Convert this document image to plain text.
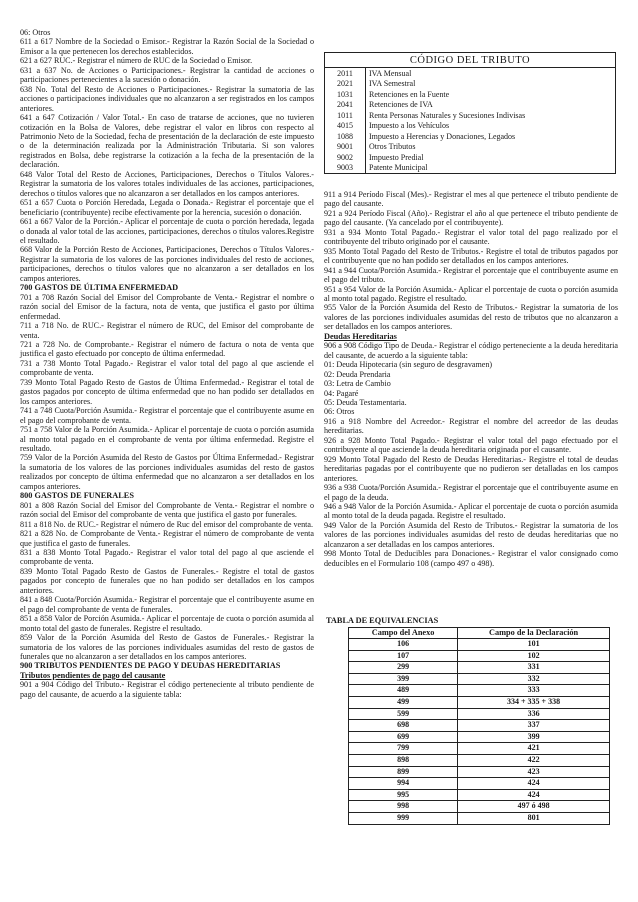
06: Otros

611 a 617 Nombre de la Sociedad o Emisor.- Registrar la Razón Social de la Sociedad o Emisor a la que pertenecen los derechos establecidos.

621 a 627 RUC.- Registrar el número de RUC de la Sociedad o Emisor.

631 a 637 No. de Acciones o Participaciones.- Registrar la cantidad de acciones o participaciones pertenecientes a la sucesión o donación.

638 No. Total del Resto de Acciones o Participaciones.- Registrar la sumatoria de las acciones o participaciones individuales que no alcanzaron a ser registrados en los campos anteriores.

641 a 647 Cotización / Valor Total.- En caso de tratarse de acciones, que no tuvieren cotización en la Bolsa de Valores, debe registrar el valor en libros con respecto al Patrimonio Neto de la Sociedad, fecha de presentación de la declaración de este impuesto o de la determinación realizada por la Administración Tributaria. Si son valores registrados en Bolsa, debe registrarse la cotización a la fecha de la presentación de la declaración.

648 Valor Total del Resto de Acciones, Participaciones, Derechos o Títulos Valores.- Registrar la sumatoria de los valores totales individuales de las acciones, participaciones, derechos o títulos valores que no alcanzaron a ser detallados en los campos anteriores.

651 a 657 Cuota o Porción Heredada, Legada o Donada.- Registrar el porcentaje que el beneficiario (contribuyente) recibe efectivamente por la herencia, sucesión o donación.

661 a 667 Valor de la Porción.- Aplicar el porcentaje de cuota o porción heredada, legada o donada al valor total de las acciones, participaciones, derechos o títulos valores.Registre el resultado.

668 Valor de la Porción Resto de Acciones, Participaciones, Derechos o Títulos Valores.- Registrar la sumatoria de los valores de las porciones individuales del resto de acciones, participaciones, derechos o títulos valores que no alcanzaron a ser detallados en los campos anteriores.

700 GASTOS DE ÚLTIMA ENFERMEDAD

701 a 708 Razón Social del Emisor del Comprobante de Venta.- Registrar el nombre o razón social del Emisor de la factura, nota de venta, que justifica el gasto por última enfermedad.

711 a 718 No. de RUC.- Registrar el número de RUC, del Emisor del comprobante de venta.

721 a 728 No. de Comprobante.- Registrar el número de factura o nota de venta que justifica el gasto efectuado por concepto de última enfermedad.

731 a 738 Monto Total Pagado.- Registrar el valor total del pago al que asciende el comprobante de venta.

739 Monto Total Pagado Resto de Gastos de Última Enfermedad.- Registrar el total de gastos pagados por concepto de última enfermedad que no han podido ser detallados en los campos anteriores.

741 a 748 Cuota/Porción Asumida.- Registrar el porcentaje que el contribuyente asume en el pago del comprobante de venta.

751 a 758 Valor de la Porción Asumida.- Aplicar el porcentaje de cuota o porción asumida al monto total pagado en el comprobante de venta por última enfermedad. Registre el resultado.

759 Valor de la Porción Asumida del Resto de Gastos por Última Enfermedad.- Registrar la sumatoria de los valores de las porciones individuales asumidas del resto de gastos realizados por concepto de última enfermedad que no alcanzaron a ser detallados en los campos anteriores.

800 GASTOS DE FUNERALES

801 a 808 Razón Social del Emisor del Comprobante de Venta.- Registrar el nombre o razón social del Emisor del comprobante de venta que justifica el gasto por funerales.

811 a 818 No. de RUC.- Registrar el número de Ruc del emisor del comprobante de venta.

821 a 828 No. de Comprobante de Venta.- Registrar el número de comprobante de venta que justifica el gasto de funerales.

831 a 838 Monto Total Pagado.- Registrar el valor total del pago al que asciende el comprobante de venta.

839 Monto Total Pagado Resto de Gastos de Funerales.- Registre el total de gastos pagados por concepto de funerales que no han podido ser detallados en los campos anteriores.

841 a 848 Cuota/Porción Asumida.- Registrar el porcentaje que el contribuyente asume en el pago del comprobante de venta de funerales.

851 a 858 Valor de Porción Asumida.- Aplicar el porcentaje de cuota o porción asumida al monto total del gasto de funerales. Registre el resultado.

859 Valor de la Porción Asumida del Resto de Gastos de Funerales.- Registrar la sumatoria de los valores de las porciones individuales asumidas del resto de gastos de funerales que no alcanzaron a ser detallados en los campos anteriores.

900 TRIBUTOS PENDIENTES DE PAGO Y DEUDAS HEREDITARIAS

Tributos pendientes de pago del causante

901 a 904 Código del Tributo.- Registrar el código perteneciente al tributo pendiente de pago del causante, de acuerdo a la siguiente tabla:

CÓDIGO DEL TRIBUTO	
2011	IVA Mensual
2021	IVA Semestral
1031	Retenciones en la Fuente
2041	Retenciones de IVA
1011	Renta Personas Naturales y Sucesiones Indivisas
4015	Impuesto a los Vehículos
1088	Impuesto a Herencias y Donaciones, Legados
9001	Otros Tributos
9002	Impuesto Predial
9003	Patente Municipal

911 a 914 Período Fiscal (Mes).- Registrar el mes al que pertenece el tributo pendiente de pago del causante.

921 a 924 Período Fiscal (Año).- Registrar el año al que pertenece el tributo pendiente de pago del causante. (Ya cancelado por el contribuyente).

931 a 934 Monto Total Pagado.- Registrar el valor total del pago realizado por el contribuyente del tributo originado por el causante.

935 Monto Total Pagado del Resto de Tributos.- Registre el total de tributos pagados por el contribuyente que no han podido ser detallados en los campos anteriores.

941 a 944 Cuota/Porción Asumida.- Registrar el porcentaje que el contribuyente asume en el pago del tributo.

951 a 954 Valor de la Porción Asumida.- Aplicar el porcentaje de cuota o porción asumida al monto total pagado. Registre el resultado.

955 Valor de la Porción Asumida del Resto de Tributos.- Registrar la sumatoria de los valores de las porciones individuales asumidas del resto de tributos que no alcanzaron a ser detallados en los campos anteriores.

Deudas Hereditarias

906 a 908 Código Tipo de Deuda.- Registrar el código perteneciente a la deuda hereditaria del causante, de acuerdo a la siguiente tabla:

01: Deuda Hipotecaria (sin seguro de desgravamen)

02: Deuda Prendaria

03: Letra de Cambio

04: Pagaré

05: Deuda Testamentaria.

06: Otros

916 a 918 Nombre del Acreedor.- Registrar el nombre del acreedor de las deudas hereditarias.

926 a 928 Monto Total Pagado.- Registrar el valor total del pago efectuado por el contribuyente al que asciende la deuda hereditaria originada por el causante.

929 Monto Total Pagado del Resto de Deudas Hereditarias.- Registre el total de deudas hereditarias pagadas por el contribuyente que no pudieron ser detalladas en los campos anteriores.

936 a 938 Cuota/Porción Asumida.- Registrar el porcentaje que el contribuyente asume en el pago de la deuda.

946 a 948 Valor de la Porción Asumida.- Aplicar el porcentaje de cuota o porción asumida al monto total de la deuda pagada. Registre el resultado.

949 Valor de la Porción Asumida del Resto de Tributos.- Registrar la sumatoria de los valores de las porciones individuales asumidas del resto de deudas hereditarias que no alcanzaron a ser detalladas en los campos anteriores.

998 Monto Total de Deducibles para Donaciones.- Registrar el valor consignado como deducibles en el Formulario 108 (campo 497 o 498).

TABLA DE EQUIVALENCIAS

Campo del Anexo	Campo de la Declaración
106	101
107	102
299	331
399	332
489	333
499	334 + 335 + 338
599	336
698	337
699	399
799	421
898	422
899	423
994	424
995	424
998	497 ó 498
999	801
